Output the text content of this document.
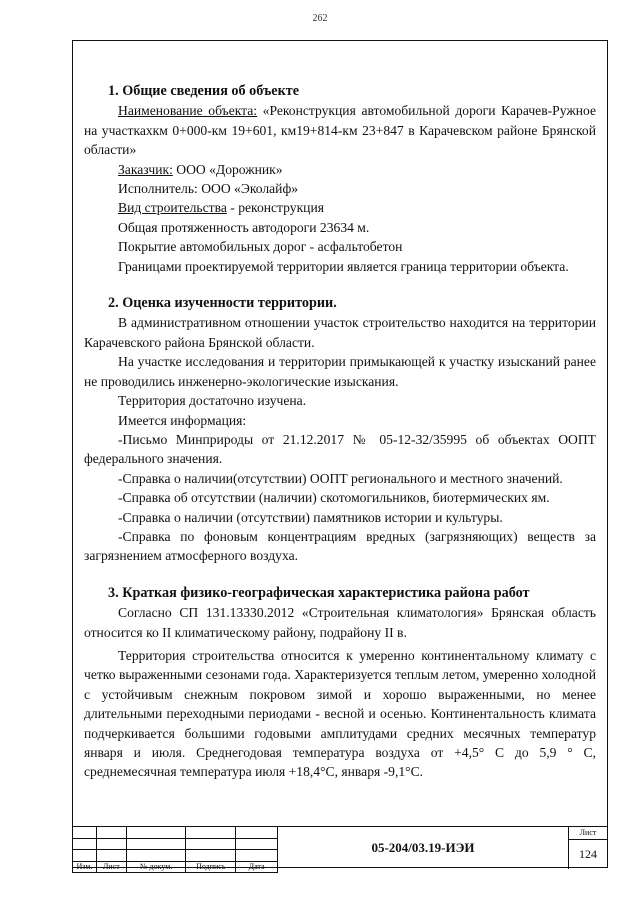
262

1. Общие сведения об объекте

Наименование объекта: «Реконструкция автомобильной дороги Карачев-Ружное на участкахкм 0+000-км 19+601, км19+814-км 23+847 в Карачевском районе Брянской области»

Заказчик: ООО «Дорожник»

Исполнитель: ООО «Эколайф»

Вид строительства - реконструкция

Общая протяженность автодороги 23634 м.

Покрытие автомобильных дорог - асфальтобетон

Границами проектируемой территории является граница территории объекта.

2. Оценка изученности территории.

В административном отношении участок строительство находится на территории Карачевского района Брянской области.

На участке исследования и территории примыкающей к участку изысканий ранее не проводились инженерно-экологические изыскания.

Территория достаточно изучена.

Имеется информация:

-Письмо Минприроды от 21.12.2017 № 05-12-32/35995 об объектах ООПТ федерального значения.

-Справка о наличии(отсутствии) ООПТ регионального и местного значений.

-Справка об отсутствии (наличии) скотомогильников, биотермических ям.

-Справка о наличии (отсутствии) памятников истории и культуры.

-Справка по фоновым концентрациям вредных (загрязняющих) веществ за загрязнением атмосферного воздуха.

3. Краткая физико-географическая характеристика района работ

Согласно СП 131.13330.2012 «Строительная климатология» Брянская область относится ко II климатическому району, подрайону II в.

Территория строительства относится к умеренно континентальному климату с четко выраженными сезонами года. Характеризуется теплым летом, умеренно холодной с устойчивым снежным покровом зимой и хорошо выраженными, но менее длительными переходными периодами - весной и осенью. Континентальность климата подчеркивается большими годовыми амплитудами средних месячных температур января и июля. Среднегодовая температура воздуха от +4,5° С до 5,9 ° С, среднемесячная температура июля +18,4°С, января -9,1°С.

Изм.	Лист	№ докум.	Подпись	Дата
05-204/03.19-ИЭИ
Лист
124
